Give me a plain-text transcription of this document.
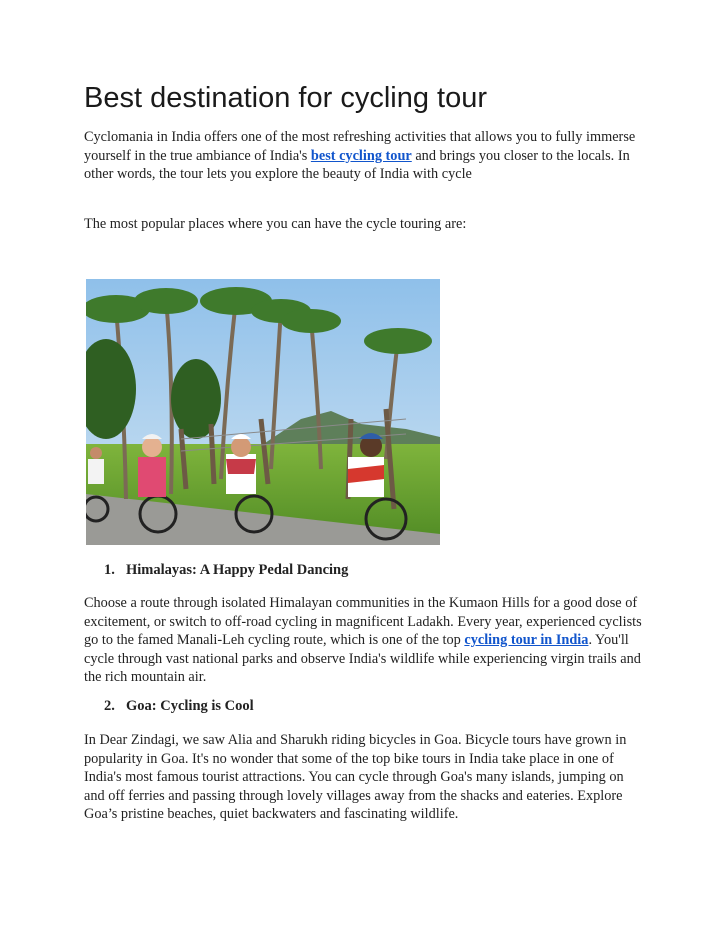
Best destination for cycling tour

Cyclomania in India offers one of the most refreshing activities that allows you to fully immerse yourself in the true ambiance of India's best cycling tour and brings you closer to the locals. In other words, the tour lets you explore the beauty of India with cycle

The most popular places where you can have the cycle touring are:

1. Himalayas: A Happy Pedal Dancing

Choose a route through isolated Himalayan communities in the Kumaon Hills for a good dose of excitement, or switch to off-road cycling in magnificent Ladakh. Every year, experienced cyclists go to the famed Manali-Leh cycling route, which is one of the top cycling tour in India. You'll cycle through vast national parks and observe India's wildlife while experiencing virgin trails and the rich mountain air.

2. Goa: Cycling is Cool

In Dear Zindagi, we saw Alia and Sharukh riding bicycles in Goa. Bicycle tours have grown in popularity in Goa. It's no wonder that some of the top bike tours in India take place in one of India's most famous tourist attractions. You can cycle through Goa's many islands, jumping on and off ferries and passing through lovely villages away from the shacks and eateries. Explore Goa’s pristine beaches, quiet backwaters and fascinating wildlife.
